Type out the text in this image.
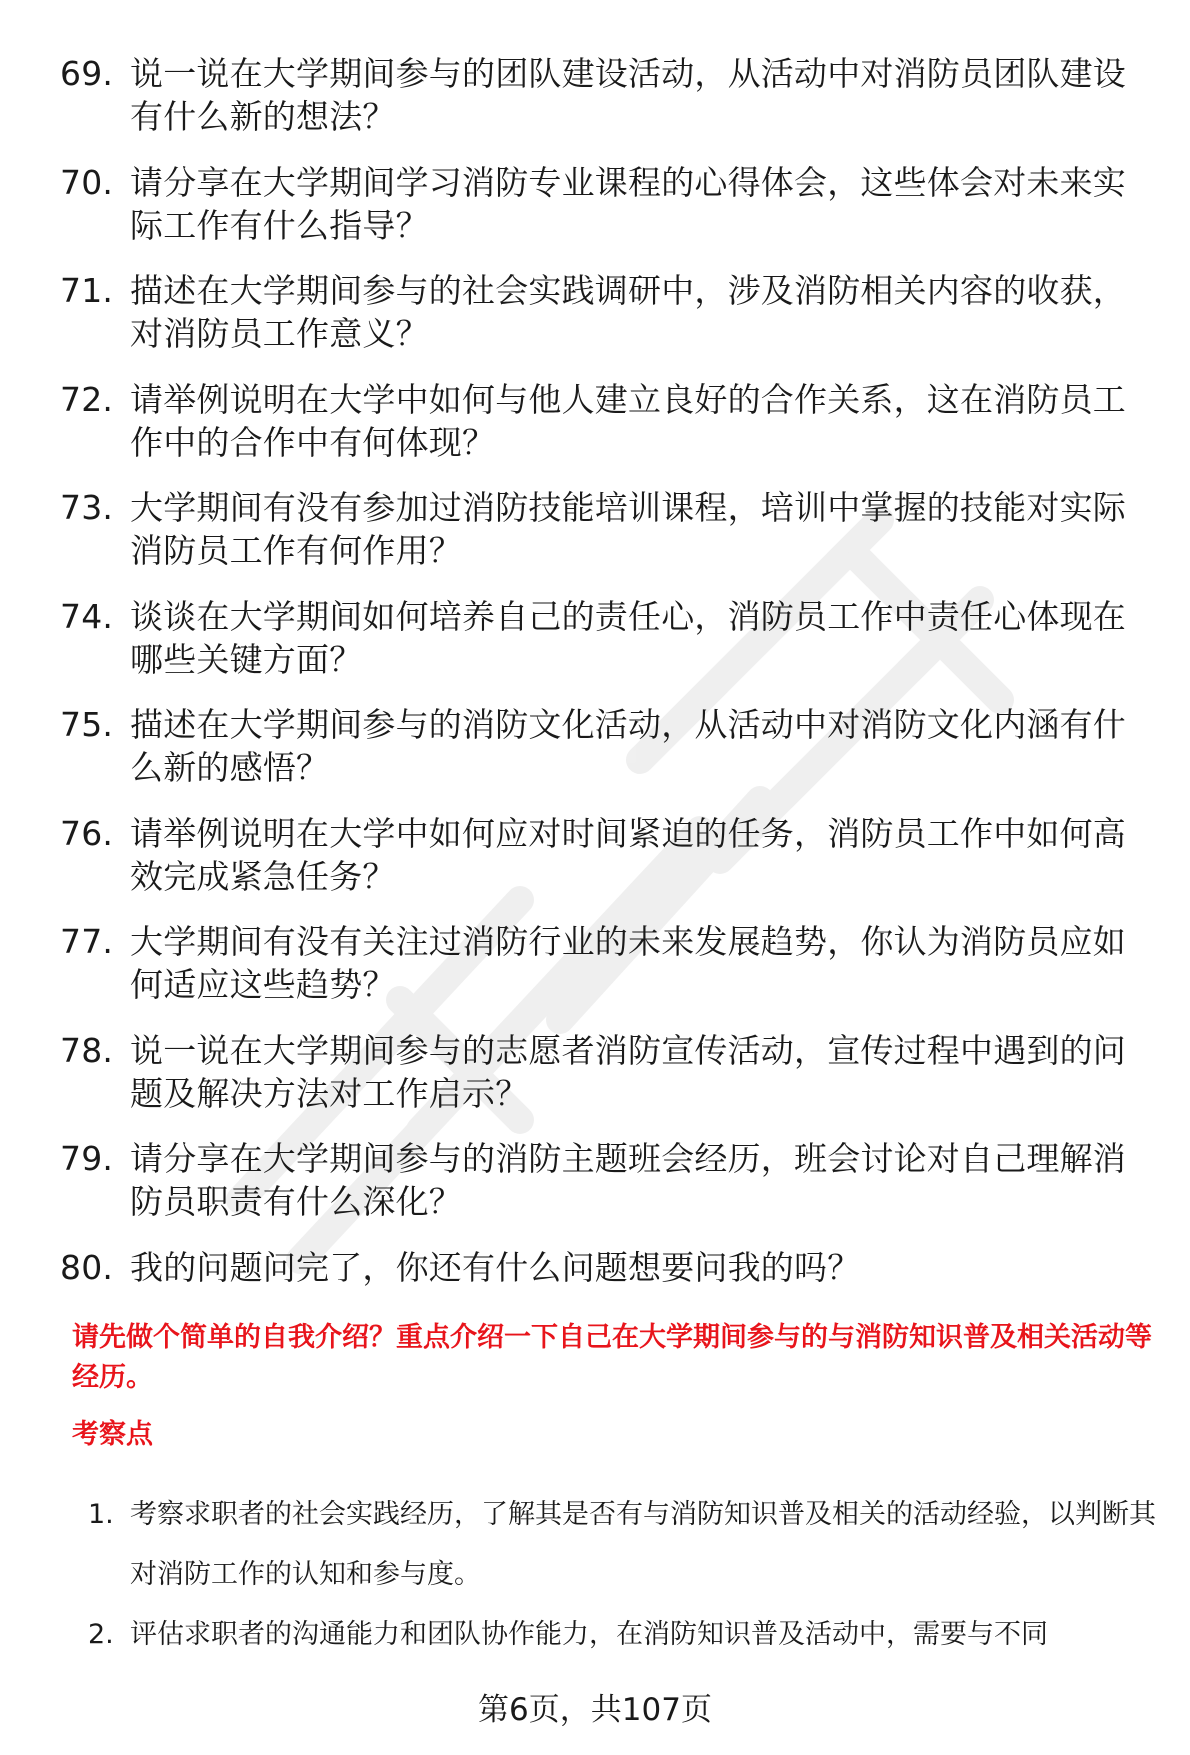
69. 说一说在大学期间参与的团队建设活动，从活动中对消防员团队建设有什么新的想法？
70. 请分享在大学期间学习消防专业课程的心得体会，这些体会对未来实际工作有什么指导？
71. 描述在大学期间参与的社会实践调研中，涉及消防相关内容的收获，对消防员工作意义？
72. 请举例说明在大学中如何与他人建立良好的合作关系，这在消防员工作中的合作中有何体现？
73. 大学期间有没有参加过消防技能培训课程，培训中掌握的技能对实际消防员工作有何作用？
74. 谈谈在大学期间如何培养自己的责任心，消防员工作中责任心体现在哪些关键方面？
75. 描述在大学期间参与的消防文化活动，从活动中对消防文化内涵有什么新的感悟？
76. 请举例说明在大学中如何应对时间紧迫的任务，消防员工作中如何高效完成紧急任务？
77. 大学期间有没有关注过消防行业的未来发展趋势，你认为消防员应如何适应这些趋势？
78. 说一说在大学期间参与的志愿者消防宣传活动，宣传过程中遇到的问题及解决方法对工作启示？
79. 请分享在大学期间参与的消防主题班会经历，班会讨论对自己理解消防员职责有什么深化？
80. 我的问题问完了，你还有什么问题想要问我的吗？
请先做个简单的自我介绍？重点介绍一下自己在大学期间参与的与消防知识普及相关活动等经历。
考察点
1. 考察求职者的社会实践经历，了解其是否有与消防知识普及相关的活动经验，以判断其对消防工作的认知和参与度。
2. 评估求职者的沟通能力和团队协作能力，在消防知识普及活动中，需要与不同
第6页，共107页
